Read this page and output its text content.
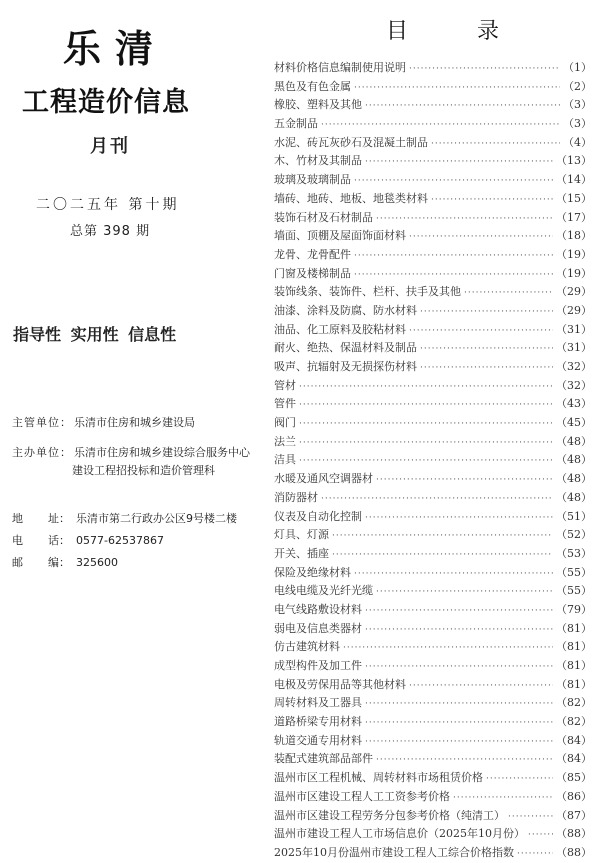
乐清
工程造价信息
月刊
二〇二五年 第十期
总第 398 期
指导性 实用性 信息性
主管单位： 乐清市住房和城乡建设局
主办单位： 乐清市住房和城乡建设综合服务中心
建设工程招投标和造价管理科
地 址： 乐清市第二行政办公区9号楼二楼
电 话： 0577-62537867
邮 编： 325600
目 录
材料价格信息编制使用说明 ·····	（1）
黑色及有色金属 ·····	（2）
橡胶、塑料及其他 ·····	（3）
五金制品 ·····	（3）
水泥、砖瓦灰砂石及混凝土制品 ·····	（4）
木、竹材及其制品 ·····	（13）
玻璃及玻璃制品 ·····	（14）
墙砖、地砖、地板、地毯类材料 ·····	（15）
装饰石材及石材制品 ·····	（17）
墙面、顶棚及屋面饰面材料 ·····	（18）
龙骨、龙骨配件 ·····	（19）
门窗及楼梯制品 ·····	（19）
装饰线条、装饰件、栏杆、扶手及其他 ·····	（29）
油漆、涂料及防腐、防水材料 ·····	（29）
油品、化工原料及胶粘材料 ·····	（31）
耐火、绝热、保温材料及制品 ·····	（31）
吸声、抗辐射及无损探伤材料 ·····	（32）
管材 ·····	（32）
管件 ·····	（43）
阀门 ·····	（45）
法兰 ·····	（48）
洁具 ·····	（48）
水暖及通风空调器材 ·····	（48）
消防器材 ·····	（48）
仪表及自动化控制 ·····	（51）
灯具、灯源 ·····	（52）
开关、插座 ·····	（53）
保险及绝缘材料 ·····	（55）
电线电缆及光纤光缆 ·····	（55）
电气线路敷设材料 ·····	（79）
弱电及信息类器材 ·····	（81）
仿古建筑材料 ·····	（81）
成型构件及加工件 ·····	（81）
电极及劳保用品等其他材料 ·····	（81）
周转材料及工器具 ·····	（82）
道路桥梁专用材料 ·····	（82）
轨道交通专用材料 ·····	（84）
装配式建筑部品部件 ·····	（84）
温州市区工程机械、周转材料市场租赁价格 ·····	（85）
温州市区建设工程人工工资参考价格 ·····	（86）
温州市区建设工程劳务分包参考价格（纯清工） ·····	（87）
温州市建设工程人工市场信息价（2025年10月份） ·····	（88）
2025年10月份温州市建设工程人工综合价格指数 ·····	（88）
